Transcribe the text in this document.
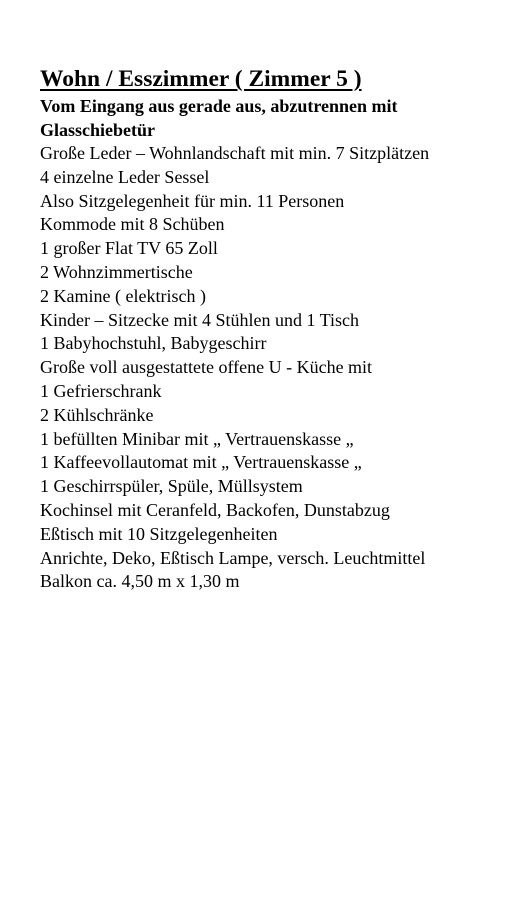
Wohn / Esszimmer ( Zimmer 5 )

Vom Eingang aus gerade aus, abzutrennen mit Glasschiebetür

Große Leder – Wohnlandschaft mit min. 7 Sitzplätzen
4 einzelne Leder Sessel
Also Sitzgelegenheit für min. 11 Personen
Kommode mit 8 Schüben
1 großer Flat TV 65 Zoll
2 Wohnzimmertische
2 Kamine ( elektrisch )
Kinder – Sitzecke mit 4 Stühlen und 1 Tisch
1 Babyhochstuhl, Babygeschirr
Große voll ausgestattete offene U - Küche mit
1 Gefrierschrank
2 Kühlschränke
1 befüllten Minibar mit „ Vertrauenskasse „
1 Kaffeevollautomat mit „ Vertrauenskasse „
1 Geschirrspüler, Spüle, Müllsystem
Kochinsel mit Ceranfeld, Backofen, Dunstabzug
Eßtisch mit 10 Sitzgelegenheiten
Anrichte, Deko, Eßtisch Lampe, versch. Leuchtmittel
Balkon ca. 4,50 m x 1,30 m
